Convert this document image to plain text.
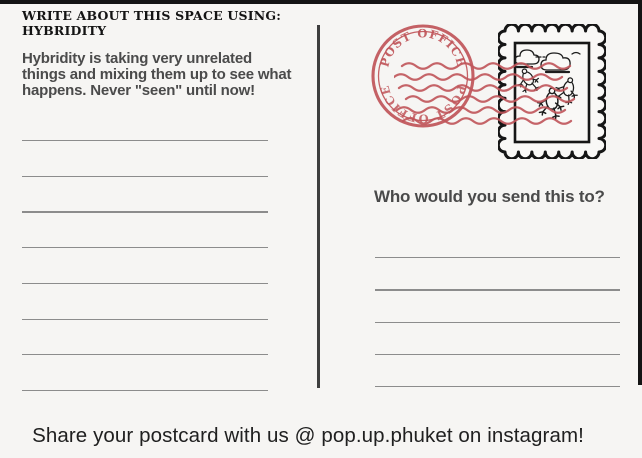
WRITE ABOUT THIS SPACE USING:
HYBRIDITY
Hybridity is taking very unrelated
things and mixing them up to see what
happens. Never "seen" until now!
POST OFFICE
POST OFFICE
Who would you send this to?
Share your postcard with us @ pop.up.phuket on instagram!
